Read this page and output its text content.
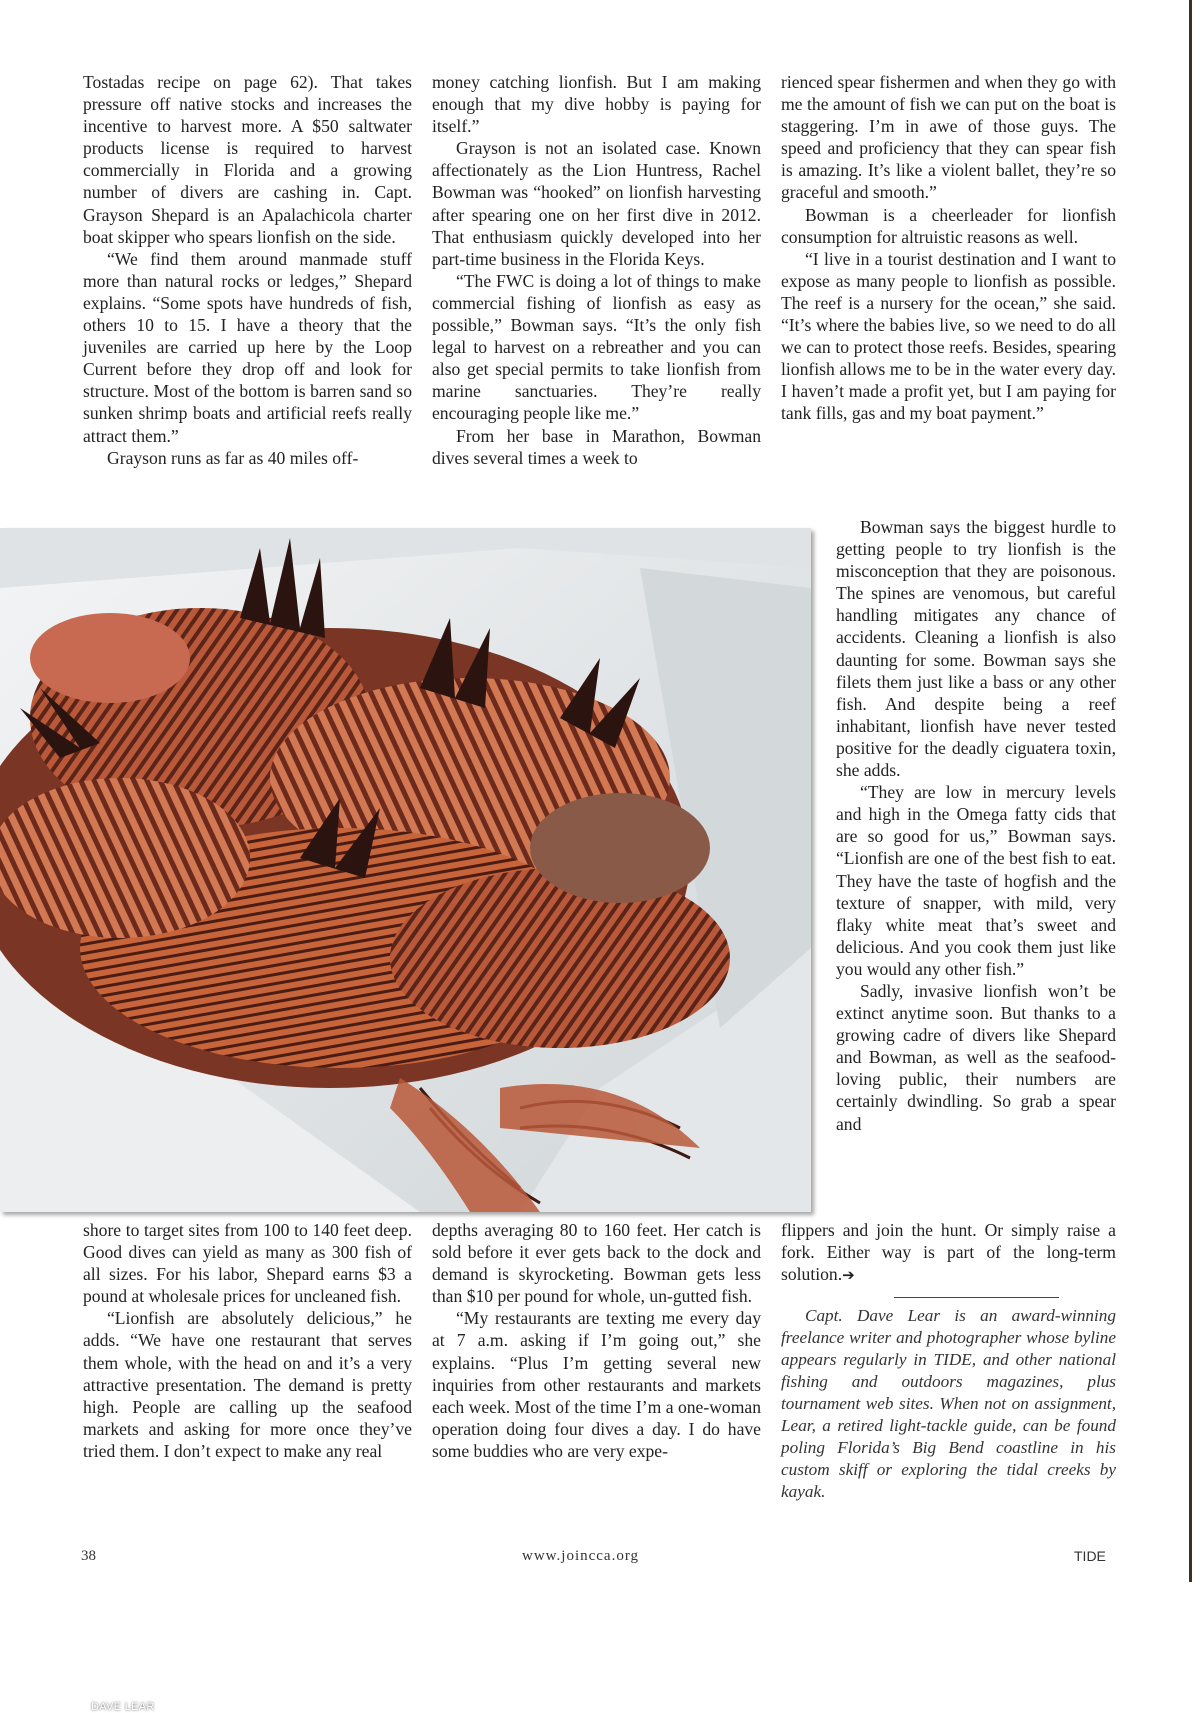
Tostadas recipe on page 62). That takes pressure off native stocks and increases the incentive to harvest more. A $50 saltwater products license is required to harvest commercially in Florida and a growing number of divers are cashing in. Capt. Grayson Shepard is an Apalachicola charter boat skipper who spears lionfish on the side.

“We find them around manmade stuff more than natural rocks or ledges,” Shepard explains. “Some spots have hundreds of fish, others 10 to 15. I have a theory that the juveniles are carried up here by the Loop Current before they drop off and look for structure. Most of the bottom is barren sand so sunken shrimp boats and artificial reefs really attract them.”

Grayson runs as far as 40 miles off-

money catching lionfish. But I am making enough that my dive hobby is paying for itself.”

Grayson is not an isolated case. Known affectionately as the Lion Huntress, Rachel Bowman was “hooked” on lionfish harvesting after spearing one on her first dive in 2012. That enthusiasm quickly developed into her part-time business in the Florida Keys.

“The FWC is doing a lot of things to make commercial fishing of lionfish as easy as possible,” Bowman says. “It’s the only fish legal to harvest on a rebreather and you can also get special permits to take lionfish from marine sanctuaries. They’re really encouraging people like me.”

From her base in Marathon, Bowman dives several times a week to

rienced spear fishermen and when they go with me the amount of fish we can put on the boat is staggering. I’m in awe of those guys. The speed and proficiency that they can spear fish is amazing. It’s like a violent ballet, they’re so graceful and smooth.”

Bowman is a cheerleader for lionfish consumption for altruistic reasons as well.

“I live in a tourist destination and I want to expose as many people to lionfish as possible. The reef is a nursery for the ocean,” she said. “It’s where the babies live, so we need to do all we can to protect those reefs. Besides, spearing lionfish allows me to be in the water every day. I haven’t made a profit yet, but I am paying for tank fills, gas and my boat payment.”

Bowman says the biggest hurdle to getting people to try lionfish is the misconception that they are poisonous. The spines are venomous, but careful handling mitigates any chance of accidents. Cleaning a lionfish is also daunting for some. Bowman says she filets them just like a bass or any other fish. And despite being a reef inhabitant, lionfish have never tested positive for the deadly ciguatera toxin, she adds.

“They are low in mercury levels and high in the Omega fatty cids that are so good for us,” Bowman says. “Lionfish are one of the best fish to eat. They have the taste of hogfish and the texture of snapper, with mild, very flaky white meat that’s sweet and delicious. And you cook them just like you would any other fish.”

Sadly, invasive lionfish won’t be extinct anytime soon. But thanks to a growing cadre of divers like Shepard and Bowman, as well as the seafood-loving public, their numbers are certainly dwindling. So grab a spear and

DAVE LEAR

shore to target sites from 100 to 140 feet deep. Good dives can yield as many as 300 fish of all sizes. For his labor, Shepard earns $3 a pound at wholesale prices for uncleaned fish.

“Lionfish are absolutely delicious,” he adds. “We have one restaurant that serves them whole, with the head on and it’s a very attractive presentation. The demand is pretty high. People are calling up the seafood markets and asking for more once they’ve tried them. I don’t expect to make any real

depths averaging 80 to 160 feet. Her catch is sold before it ever gets back to the dock and demand is skyrocketing. Bowman gets less than $10 per pound for whole, un-gutted fish.

“My restaurants are texting me every day at 7 a.m. asking if I’m going out,” she explains. “Plus I’m getting several new inquiries from other restaurants and markets each week. Most of the time I’m a one-woman operation doing four dives a day. I do have some buddies who are very expe-

flippers and join the hunt. Or simply raise a fork. Either way is part of the long-term solution.➔

Capt. Dave Lear is an award-winning freelance writer and photographer whose byline appears regularly in TIDE, and other national fishing and outdoors magazines, plus tournament web sites. When not on assignment, Lear, a retired light-tackle guide, can be found poling Florida’s Big Bend coastline in his custom skiff or exploring the tidal creeks by kayak.

38	www.joincca.org	TIDE
